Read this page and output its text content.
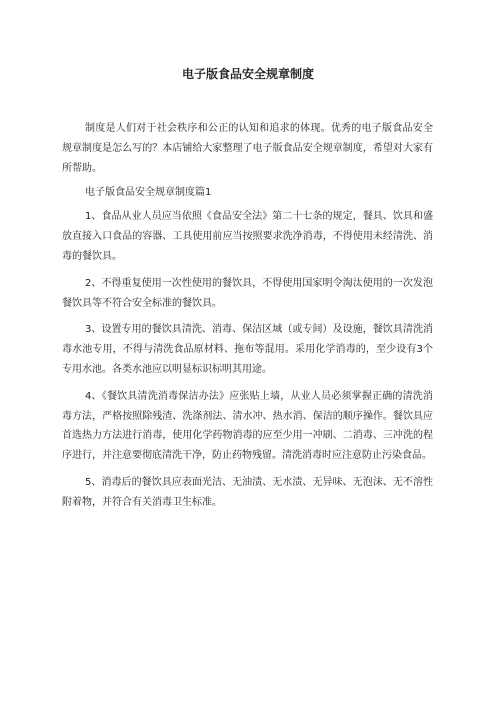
电子版食品安全规章制度

制度是人们对于社会秩序和公正的认知和追求的体现。优秀的电子版食品安全规章制度是怎么写的？本店铺给大家整理了电子版食品安全规章制度，希望对大家有所帮助。

电子版食品安全规章制度篇1

1、食品从业人员应当依照《食品安全法》第二十七条的规定，餐具、饮具和盛放直接入口食品的容器、工具使用前应当按照要求洗净消毒，不得使用未经清洗、消毒的餐饮具。

2、不得重复使用一次性使用的餐饮具，不得使用国家明令淘汰使用的一次发泡餐饮具等不符合安全标准的餐饮具。

3、设置专用的餐饮具清洗、消毒、保洁区域（或专间）及设施，餐饮具清洗消毒水池专用，不得与清洗食品原材料、拖布等混用。采用化学消毒的，至少设有3个专用水池。各类水池应以明显标识标明其用途。

4、《餐饮具清洗消毒保洁办法》应张贴上墙，从业人员必须掌握正确的清洗消毒方法，严格按照除残渣、洗涤剂法、清水冲、热水消、保洁的顺序操作。餐饮具应首选热力方法进行消毒，使用化学药物消毒的应至少用一冲刷、二消毒、三冲洗的程序进行，并注意要彻底清洗干净，防止药物残留。清洗消毒时应注意防止污染食品。

5、消毒后的餐饮具应表面光洁、无油渍、无水渍、无异味、无泡沫、无不溶性附着物，并符合有关消毒卫生标准。
